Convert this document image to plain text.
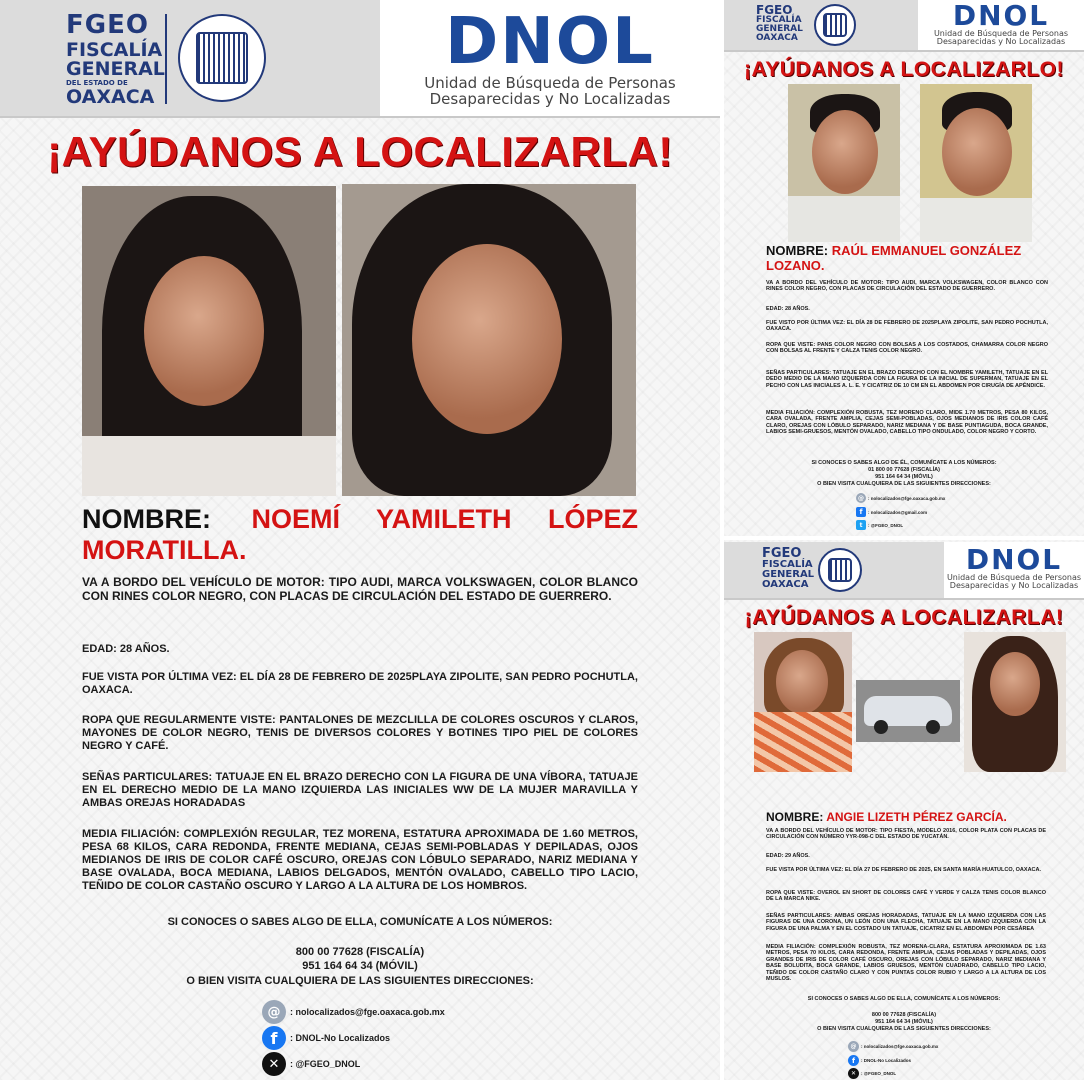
FGEO
FISCALÍA
GENERAL
DEL ESTADO DE
OAXACA
DNOL
Unidad de Búsqueda de Personas
Desaparecidas y No Localizadas
¡AYÚDANOS A LOCALIZARLA!
NOMBRE: NOEMÍ YAMILETH LÓPEZ MORATILLA.
VA A BORDO DEL VEHÍCULO DE MOTOR: TIPO AUDI, MARCA VOLKSWAGEN, COLOR BLANCO CON RINES COLOR NEGRO, CON PLACAS DE CIRCULACIÓN DEL ESTADO DE GUERRERO.
EDAD: 28 AÑOS.
FUE VISTA POR ÚLTIMA VEZ: EL DÍA 28 DE FEBRERO DE 2025PLAYA ZIPOLITE, SAN PEDRO POCHUTLA, OAXACA.
ROPA QUE REGULARMENTE VISTE: PANTALONES DE MEZCLILLA DE COLORES OSCUROS Y CLAROS, MAYONES DE COLOR NEGRO, TENIS DE DIVERSOS COLORES Y BOTINES TIPO PIEL DE COLORES NEGRO Y CAFÉ.
SEÑAS PARTICULARES: TATUAJE EN EL BRAZO DERECHO CON LA FIGURA DE UNA VÍBORA, TATUAJE EN EL DERECHO MEDIO DE LA MANO IZQUIERDA LAS INICIALES WW DE LA MUJER MARAVILLA Y AMBAS OREJAS HORADADAS
MEDIA FILIACIÓN: COMPLEXIÓN REGULAR, TEZ MORENA, ESTATURA APROXIMADA DE 1.60 METROS, PESA 68 KILOS, CARA REDONDA, FRENTE MEDIANA, CEJAS SEMI-POBLADAS Y DEPILADAS, OJOS MEDIANOS DE IRIS DE COLOR CAFÉ OSCURO, OREJAS CON LÓBULO SEPARADO, NARIZ MEDIANA Y BASE OVALADA, BOCA MEDIANA, LABIOS DELGADOS, MENTÓN OVALADO, CABELLO TIPO LACIO, TEÑIDO DE COLOR CASTAÑO OSCURO Y LARGO A LA ALTURA DE LOS HOMBROS.
SI CONOCES O SABES ALGO DE ELLA, COMUNÍCATE A LOS NÚMEROS:
800 00 77628 (FISCALÍA)
951 164 64 34 (MÓVIL)
O BIEN VISITA CUALQUIERA DE LAS SIGUIENTES DIRECCIONES:
@	: nolocalizados@fge.oaxaca.gob.mx
f	: DNOL-No Localizados
✕	: @FGEO_DNOL
FGEO
FISCALÍA
GENERAL
OAXACA
DNOL
Unidad de Búsqueda de Personas
Desaparecidas y No Localizadas
¡AYÚDANOS A LOCALIZARLO!
NOMBRE: RAÚL EMMANUEL GONZÁLEZ LOZANO.
VA A BORDO DEL VEHÍCULO DE MOTOR: TIPO AUDI, MARCA VOLKSWAGEN, COLOR BLANCO CON RINES COLOR NEGRO, CON PLACAS DE CIRCULACIÓN DEL ESTADO DE GUERRERO.
EDAD: 28 AÑOS.
FUE VISTO POR ÚLTIMA VEZ: EL DÍA 28 DE FEBRERO DE 2025PLAYA ZIPOLITE, SAN PEDRO POCHUTLA, OAXACA.
ROPA QUE VISTE: PANS COLOR NEGRO CON BOLSAS A LOS COSTADOS, CHAMARRA COLOR NEGRO CON BOLSAS AL FRENTE Y CALZA TENIS COLOR NEGRO.
SEÑAS PARTICULARES: TATUAJE EN EL BRAZO DERECHO CON EL NOMBRE YAMILETH, TATUAJE EN EL DEDO MEDIO DE LA MANO IZQUIERDA CON LA FIGURA DE LA INICIAL DE SUPERMAN, TATUAJE EN EL PECHO CON LAS INICIALES A. L. E. Y CICATRIZ DE 10 CM EN EL ABDOMEN POR CIRUGÍA DE APÉNDICE.
MEDIA FILIACIÓN: COMPLEXIÓN ROBUSTA, TEZ MORENO CLARO, MIDE 1.70 METROS, PESA 80 KILOS, CARA OVALADA, FRENTE AMPLIA, CEJAS SEMI-POBLADAS, OJOS MEDIANOS DE IRIS COLOR CAFÉ CLARO, OREJAS CON LÓBULO SEPARADO, NARIZ MEDIANA Y DE BASE PUNTIAGUDA, BOCA GRANDE, LABIOS SEMI-GRUESOS, MENTÓN OVALADO, CABELLO TIPO ONDULADO, COLOR NEGRO Y CORTO.
SI CONOCES O SABES ALGO DE ÉL, COMUNÍCATE A LOS NÚMEROS:
01 800 00 77628 (FISCALÍA)
951 164 64 34 (MÓVIL)
O BIEN VISITA CUALQUIERA DE LAS SIGUIENTES DIRECCIONES:
@ : nolocalizados@fge.oaxaca.gob.mx
f	: nolocalizados@gmail.com
t	: @FGEO_DNOL
FGEO
FISCALÍA
GENERAL
OAXACA
DNOL
Unidad de Búsqueda de Personas
Desaparecidas y No Localizadas
¡AYÚDANOS A LOCALIZARLA!
NOMBRE: ANGIE LIZETH PÉREZ GARCÍA.
VA A BORDO DEL VEHÍCULO DE MOTOR: TIPO FIESTA, MODELO 2016, COLOR PLATA CON PLACAS DE CIRCULACIÓN CON NÚMERO YYR-098-C DEL ESTADO DE YUCATÁN.
EDAD: 29 AÑOS.
FUE VISTA POR ÚLTIMA VEZ: EL DÍA 27 DE FEBRERO DE 2025, EN SANTA MARÍA HUATULCO, OAXACA.
ROPA QUE VISTE: OVEROL EN SHORT DE COLORES CAFÉ Y VERDE Y CALZA TENIS COLOR BLANCO DE LA MARCA NIKE.
SEÑAS PARTICULARES: AMBAS OREJAS HORADADAS, TATUAJE EN LA MANO IZQUIERDA CON LAS FIGURAS DE UNA CORONA, UN LEÓN CON UNA FLECHA, TATUAJE EN LA MANO IZQUIERDA CON LA FIGURA DE UNA PALMA Y EN EL COSTADO UN TATUAJE, CICATRIZ EN EL ABDOMEN POR CESÁREA
MEDIA FILIACIÓN: COMPLEXIÓN ROBUSTA, TEZ MORENA-CLARA, ESTATURA APROXIMADA DE 1.63 METROS, PESA 70 KILOS, CARA REDONDA, FRENTE AMPLIA, CEJAS POBLADAS Y DEPILADAS, OJOS GRANDES DE IRIS DE COLOR CAFÉ OSCURO, OREJAS CON LÓBULO SEPARADO, NARIZ MEDIANA Y BASE BOLUDITA, BOCA GRANDE, LABIOS GRUESOS, MENTÓN CUADRADO, CABELLO TIPO LACIO, TEÑIDO DE COLOR CASTAÑO CLARO Y CON PUNTAS COLOR RUBIO Y LARGO A LA ALTURA DE LOS MUSLOS.
SI CONOCES O SABES ALGO DE ELLA, COMUNÍCATE A LOS NÚMEROS:
800 00 77628 (FISCALÍA)
951 164 64 34 (MÓVIL)
O BIEN VISITA CUALQUIERA DE LAS SIGUIENTES DIRECCIONES:
@	: nolocalizados@fge.oaxaca.gob.mx
f	: DNOL-No Localizados
✕	: @FGEO_DNOL
